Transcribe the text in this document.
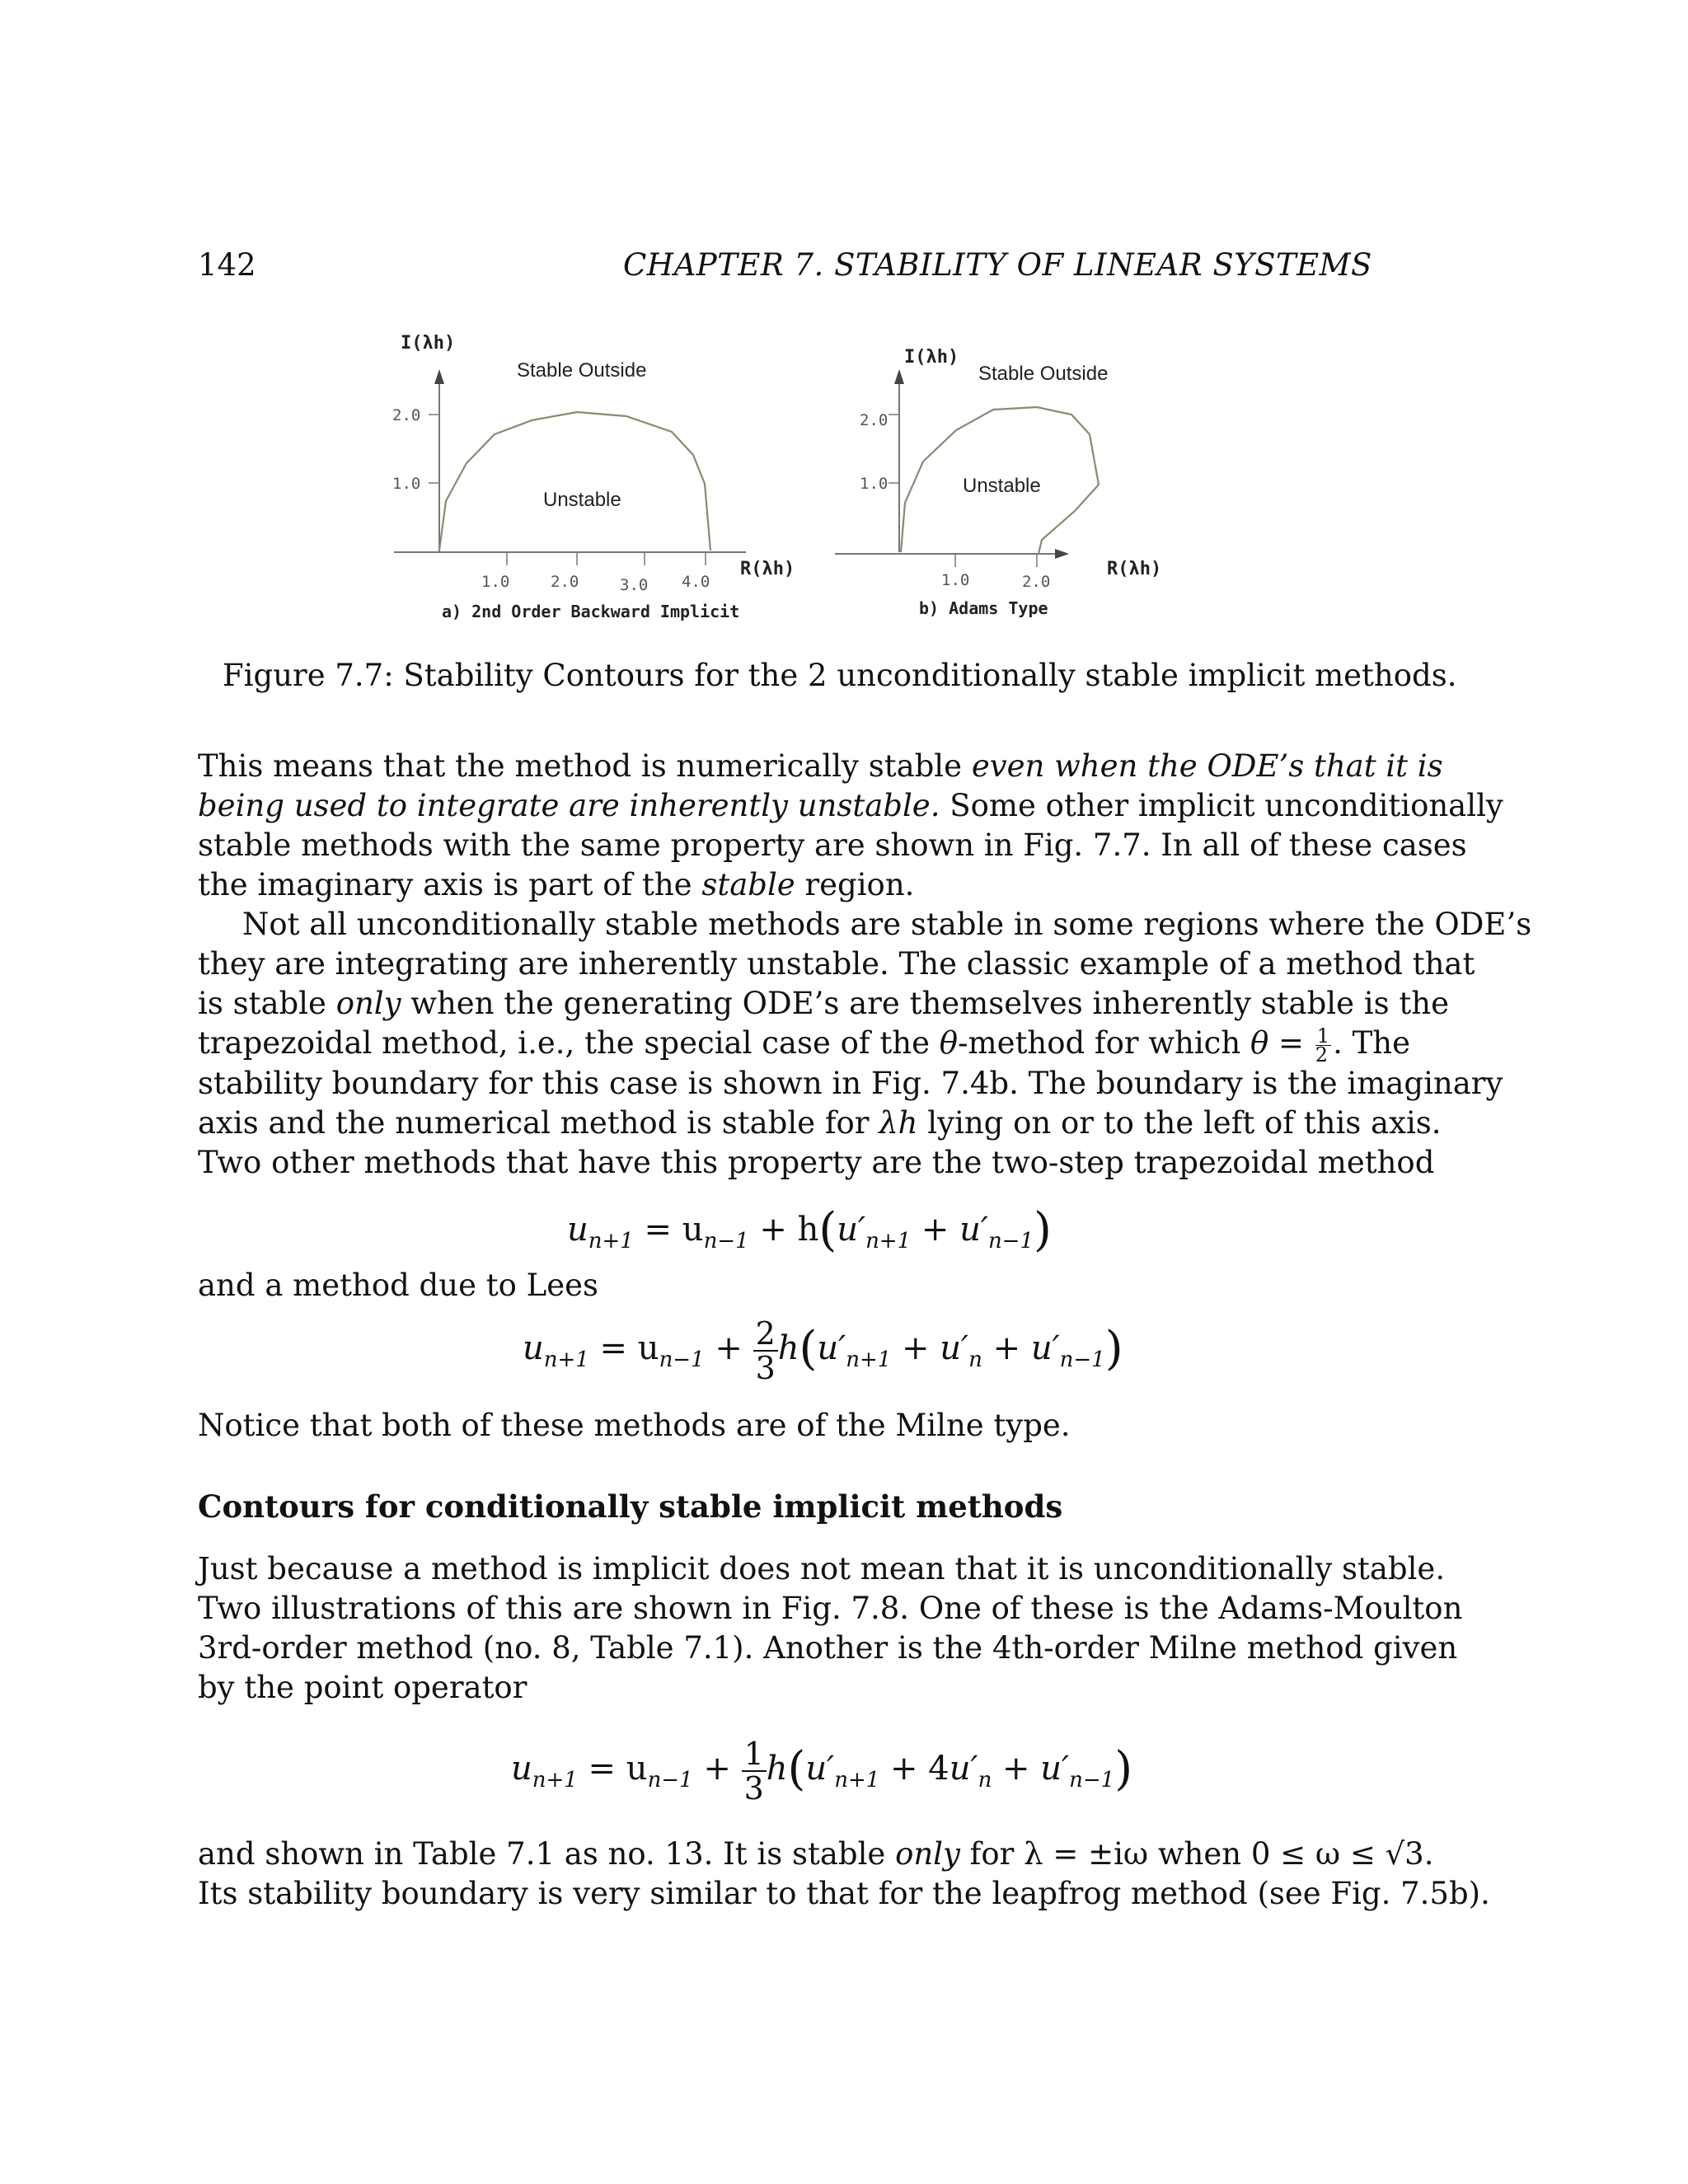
142	CHAPTER 7. STABILITY OF LINEAR SYSTEMS
I(λh)
2.0
1.0
1.0	2.0	3.0 4.0
R(λh)
Stable Outside
Unstable
a) 2nd Order Backward Implicit
I(λh)
2.0
1.0
1.0	2.0
R(λh)
Stable Outside
Unstable
b) Adams Type
Figure 7.7: Stability Contours for the 2 unconditionally stable implicit methods.
This means that the method is numerically stable even when the ODE’s that it is
being used to integrate are inherently unstable. Some other implicit unconditionally
stable methods with the same property are shown in Fig. 7.7. In all of these cases
the imaginary axis is part of the stable region.
Not all unconditionally stable methods are stable in some regions where the ODE’s
they are integrating are inherently unstable. The classic example of a method that
is stable only when the generating ODE’s are themselves inherently stable is the
trapezoidal method, i.e., the special case of the θ-method for which $\theta = \frac{1}{2}$ . The
stability boundary for this case is shown in Fig. 7.4b. The boundary is the imaginary
axis and the numerical method is stable for λh lying on or to the left of this axis.
Two other methods that have this property are the two-step trapezoidal method
$u_{n+1} = u_{n-1} + h(u'_{n+1} + u'_{n-1})$
and a method due to Lees
$u_{n+1} = u_{n-1} + \frac{2}{3} h(u'_{n+1} + u'_n + u'_{n-1})$
Notice that both of these methods are of the Milne type.
Contours for conditionally stable implicit methods
Just because a method is implicit does not mean that it is unconditionally stable.
Two illustrations of this are shown in Fig. 7.8. One of these is the Adams-Moulton
3rd-order method (no. 8, Table 7.1). Another is the 4th-order Milne method given
by the point operator
$u_{n+1} = u_{n-1} + \frac{1}{3} h(u'_{n+1} + 4u'_n + u'_{n-1})$
and shown in Table 7.1 as no. 13. It is stable only for λ = ±iω when 0 ≤ ω ≤ √3.
Its stability boundary is very similar to that for the leapfrog method (see Fig. 7.5b).
